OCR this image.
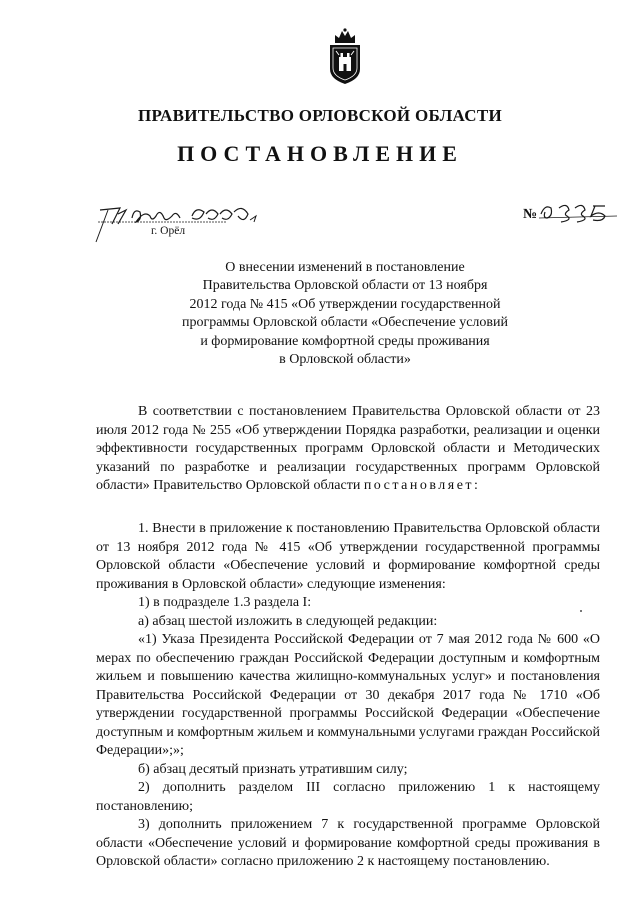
ПРАВИТЕЛЬСТВО ОРЛОВСКОЙ ОБЛАСТИ
ПОСТАНОВЛЕНИЕ
г. Орёл
№
О внесении изменений в постановление
Правительства Орловской области от 13 ноября
2012 года № 415 «Об утверждении государственной
программы Орловской области «Обеспечение условий
и формирование комфортной среды проживания
в Орловской области»

В соответствии с постановлением Правительства Орловской области от 23 июля 2012 года № 255 «Об утверждении Порядка разработки, реализации и оценки эффективности государственных программ Орловской области и Методических указаний по разработке и реализации государственных программ Орловской области» Правительство Орловской области постановляет:

1. Внести в приложение к постановлению Правительства Орловской области от 13 ноября 2012 года № 415 «Об утверждении государственной программы Орловской области «Обеспечение условий и формирование комфортной среды проживания в Орловской области» следующие изменения:

1) в подразделе 1.3 раздела I:

а) абзац шестой изложить в следующей редакции:

«1) Указа Президента Российской Федерации от 7 мая 2012 года № 600 «О мерах по обеспечению граждан Российской Федерации доступным и комфортным жильем и повышению качества жилищно-коммунальных услуг» и постановления Правительства Российской Федерации от 30 декабря 2017 года № 1710 «Об утверждении государственной программы Российской Федерации «Обеспечение доступным и комфортным жильем и коммунальными услугами граждан Российской Федерации»;»;

б) абзац десятый признать утратившим силу;

2) дополнить разделом III согласно приложению 1 к настоящему постановлению;

3) дополнить приложением 7 к государственной программе Орловской области «Обеспечение условий и формирование комфортной среды проживания в Орловской области» согласно приложению 2 к настоящему постановлению.
